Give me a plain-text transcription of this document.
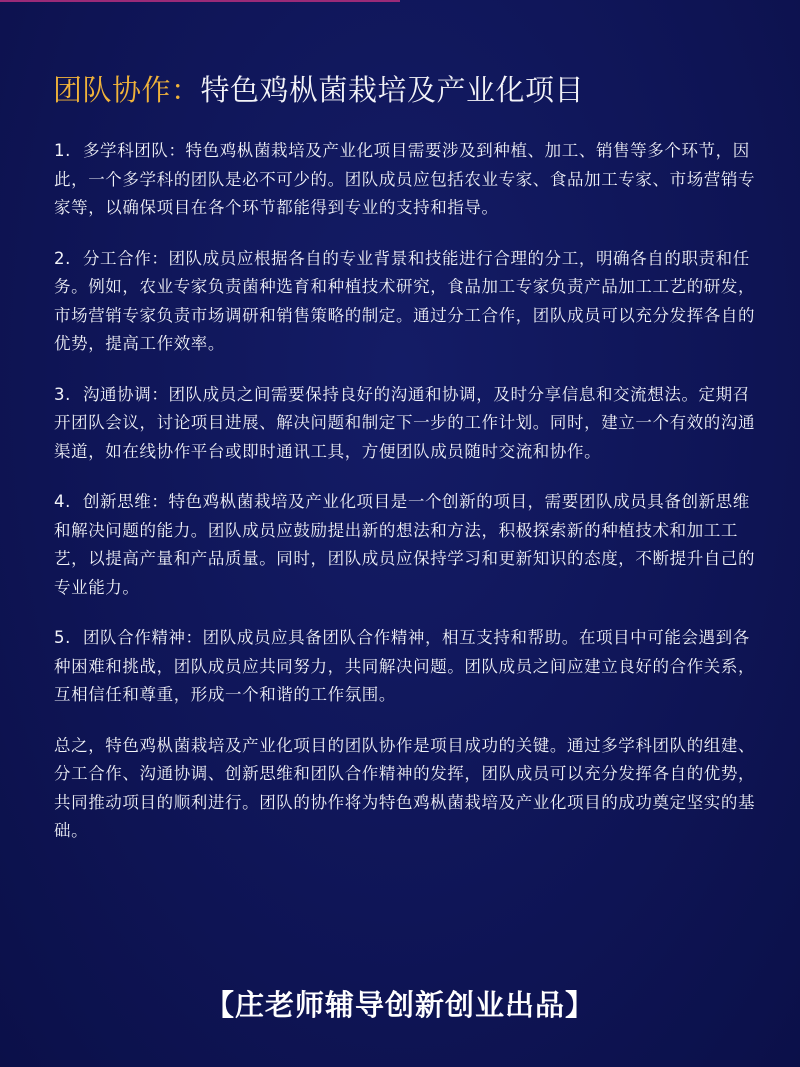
团队协作：特色鸡枞菌栽培及产业化项目

1. 多学科团队：特色鸡枞菌栽培及产业化项目需要涉及到种植、加工、销售等多个环节，因此，一个多学科的团队是必不可少的。团队成员应包括农业专家、食品加工专家、市场营销专家等，以确保项目在各个环节都能得到专业的支持和指导。

2. 分工合作：团队成员应根据各自的专业背景和技能进行合理的分工，明确各自的职责和任务。例如，农业专家负责菌种选育和种植技术研究，食品加工专家负责产品加工工艺的研发，市场营销专家负责市场调研和销售策略的制定。通过分工合作，团队成员可以充分发挥各自的优势，提高工作效率。

3. 沟通协调：团队成员之间需要保持良好的沟通和协调，及时分享信息和交流想法。定期召开团队会议，讨论项目进展、解决问题和制定下一步的工作计划。同时，建立一个有效的沟通渠道，如在线协作平台或即时通讯工具，方便团队成员随时交流和协作。

4. 创新思维：特色鸡枞菌栽培及产业化项目是一个创新的项目，需要团队成员具备创新思维和解决问题的能力。团队成员应鼓励提出新的想法和方法，积极探索新的种植技术和加工工艺，以提高产量和产品质量。同时，团队成员应保持学习和更新知识的态度，不断提升自己的专业能力。

5. 团队合作精神：团队成员应具备团队合作精神，相互支持和帮助。在项目中可能会遇到各种困难和挑战，团队成员应共同努力，共同解决问题。团队成员之间应建立良好的合作关系，互相信任和尊重，形成一个和谐的工作氛围。

总之，特色鸡枞菌栽培及产业化项目的团队协作是项目成功的关键。通过多学科团队的组建、分工合作、沟通协调、创新思维和团队合作精神的发挥，团队成员可以充分发挥各自的优势，共同推动项目的顺利进行。团队的协作将为特色鸡枞菌栽培及产业化项目的成功奠定坚实的基础。

【庄老师辅导创新创业出品】
